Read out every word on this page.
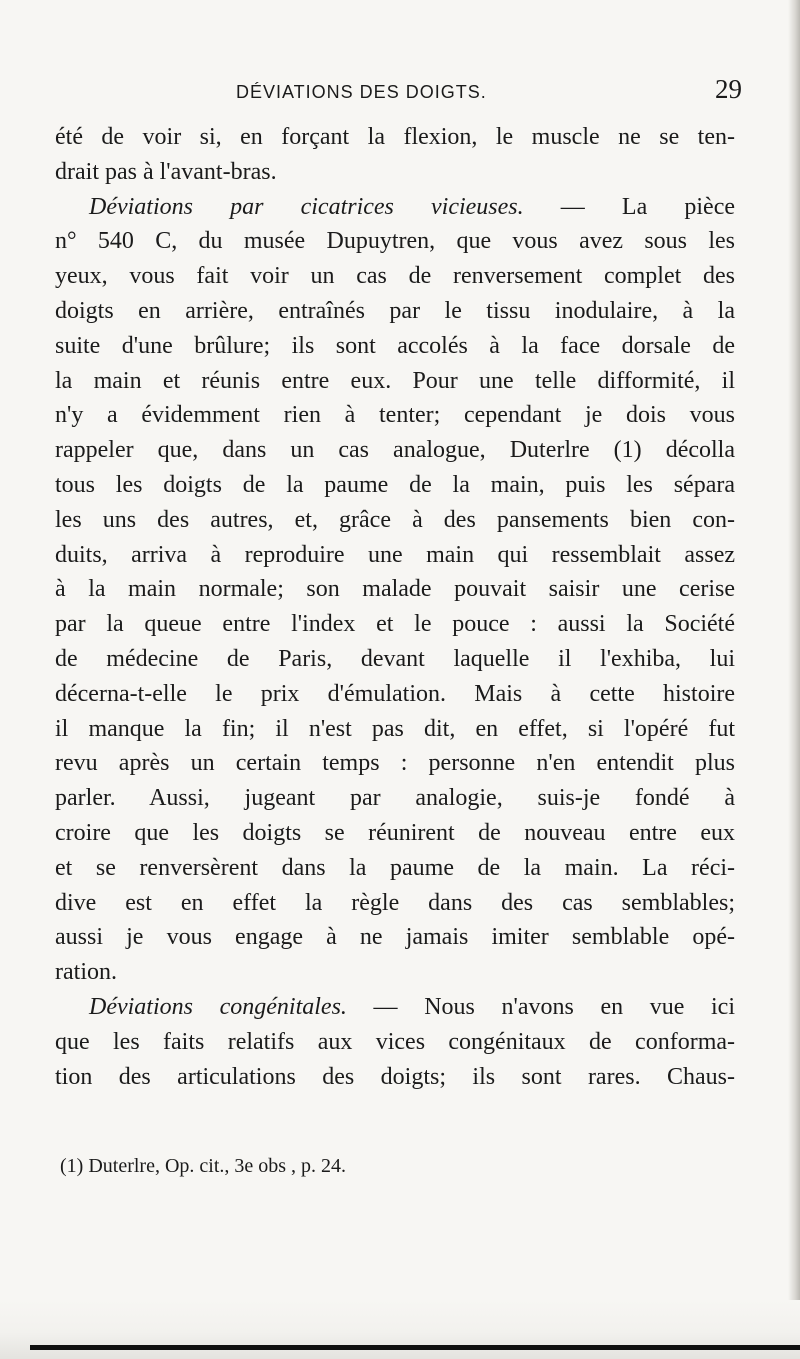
DÉVIATIONS DES DOIGTS.	29
été de voir si, en forçant la flexion, le muscle ne se ten-
drait pas à l'avant-bras.
Déviations par cicatrices vicieuses. — La pièce
n° 540 C, du musée Dupuytren, que vous avez sous les
yeux, vous fait voir un cas de renversement complet des
doigts en arrière, entraînés par le tissu inodulaire, à la
suite d'une brûlure; ils sont accolés à la face dorsale de
la main et réunis entre eux. Pour une telle difformité, il
n'y a évidemment rien à tenter; cependant je dois vous
rappeler que, dans un cas analogue, Duterlre (1) décolla
tous les doigts de la paume de la main, puis les sépara
les uns des autres, et, grâce à des pansements bien con-
duits, arriva à reproduire une main qui ressemblait assez
à la main normale; son malade pouvait saisir une cerise
par la queue entre l'index et le pouce : aussi la Société
de médecine de Paris, devant laquelle il l'exhiba, lui
décerna-t-elle le prix d'émulation. Mais à cette histoire
il manque la fin; il n'est pas dit, en effet, si l'opéré fut
revu après un certain temps : personne n'en entendit plus
parler. Aussi, jugeant par analogie, suis-je fondé à
croire que les doigts se réunirent de nouveau entre eux
et se renversèrent dans la paume de la main. La réci-
dive est en effet la règle dans des cas semblables;
aussi je vous engage à ne jamais imiter semblable opé-
ration.
Déviations congénitales. — Nous n'avons en vue ici
que les faits relatifs aux vices congénitaux de conforma-
tion des articulations des doigts; ils sont rares. Chaus-
(1) Duterlre, Op. cit., 3e obs , p. 24.
